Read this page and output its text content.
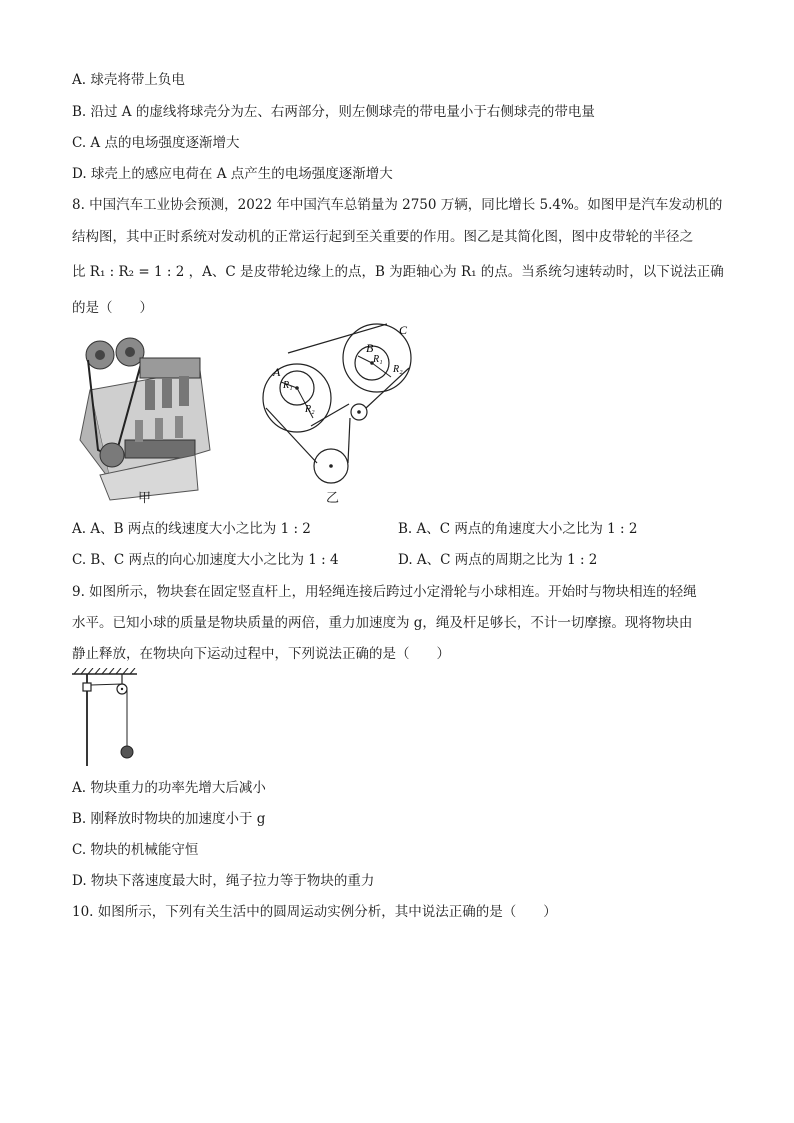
A. 球壳将带上负电
B. 沿过 A 的虚线将球壳分为左、右两部分，则左侧球壳的带电量小于右侧球壳的带电量
C. A 点的电场强度逐渐增大
D. 球壳上的感应电荷在 A 点产生的电场强度逐渐增大
8. 中国汽车工业协会预测，2022 年中国汽车总销量为 2750 万辆，同比增长 5.4%。如图甲是汽车发动机的
结构图，其中正时系统对发动机的正常运行起到至关重要的作用。图乙是其简化图，图中皮带轮的半径之
比 R₁ : R₂ = 1 : 2 ，A、C 是皮带轮边缘上的点，B 为距轴心为 R₁ 的点。当系统匀速转动时，以下说法正确
的是（　　）
甲
A
R₁
R₂
C
B
R₁
R₂
乙
A. A、B 两点的线速度大小之比为 1 : 2	B. A、C 两点的角速度大小之比为 1 : 2
C. B、C 两点的向心加速度大小之比为 1 : 4	D. A、C 两点的周期之比为 1 : 2
9. 如图所示，物块套在固定竖直杆上，用轻绳连接后跨过小定滑轮与小球相连。开始时与物块相连的轻绳
水平。已知小球的质量是物块质量的两倍，重力加速度为 g，绳及杆足够长，不计一切摩擦。现将物块由
静止释放，在物块向下运动过程中，下列说法正确的是（　　）
A. 物块重力的功率先增大后减小
B. 刚释放时物块的加速度小于 g
C. 物块的机械能守恒
D. 物块下落速度最大时，绳子拉力等于物块的重力
10. 如图所示，下列有关生活中的圆周运动实例分析，其中说法正确的是（　　）
